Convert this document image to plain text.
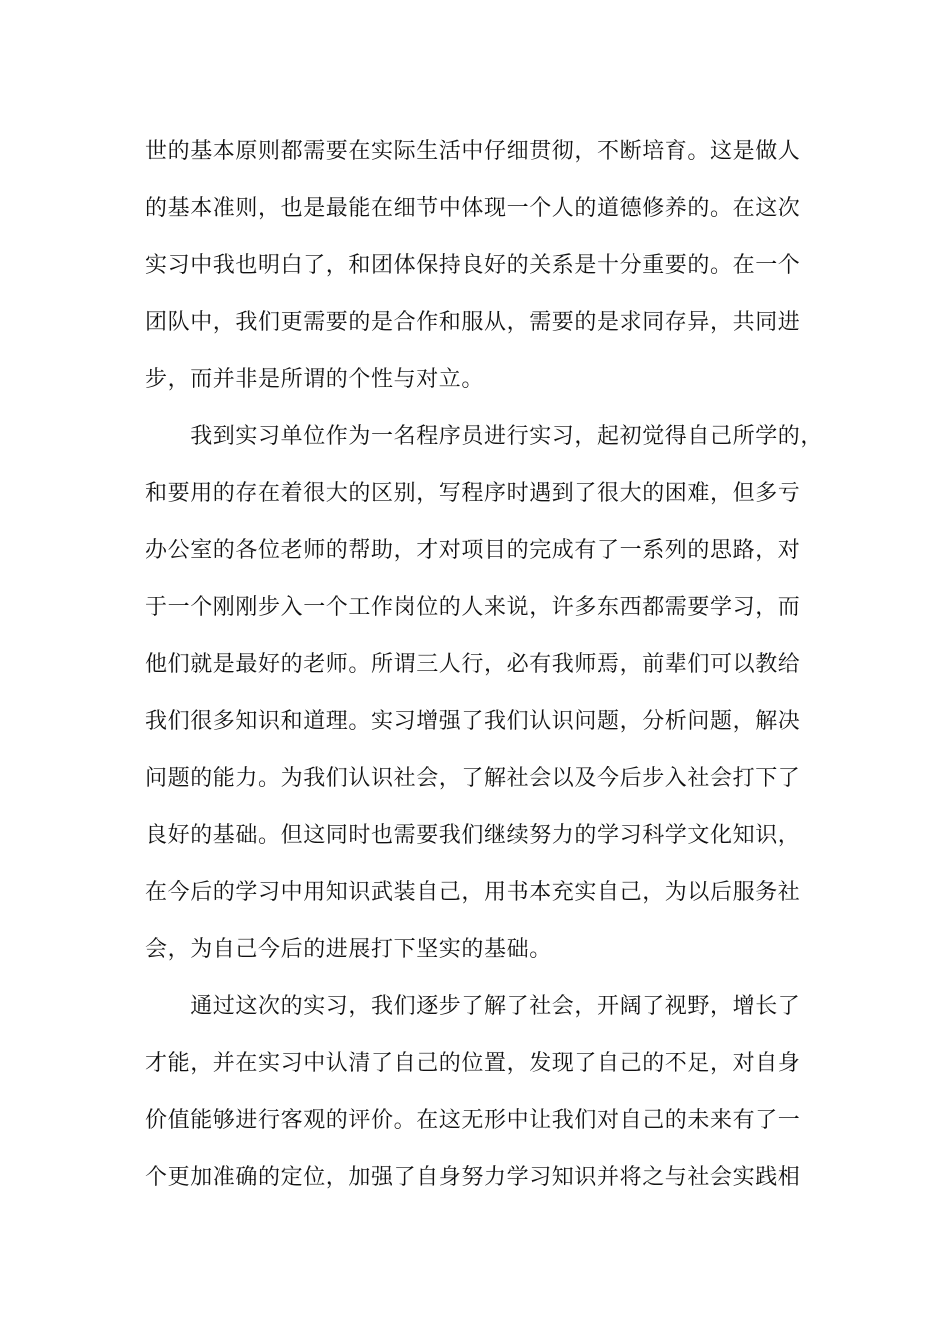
世的基本原则都需要在实际生活中仔细贯彻，不断培育。这是做人
的基本准则，也是最能在细节中体现一个人的道德修养的。在这次
实习中我也明白了，和团体保持良好的关系是十分重要的。在一个
团队中，我们更需要的是合作和服从，需要的是求同存异，共同进
步，而并非是所谓的个性与对立。
　　我到实习单位作为一名程序员进行实习，起初觉得自己所学的，
和要用的存在着很大的区别，写程序时遇到了很大的困难，但多亏
办公室的各位老师的帮助，才对项目的完成有了一系列的思路，对
于一个刚刚步入一个工作岗位的人来说，许多东西都需要学习，而
他们就是最好的老师。所谓三人行，必有我师焉，前辈们可以教给
我们很多知识和道理。实习增强了我们认识问题，分析问题，解决
问题的能力。为我们认识社会，了解社会以及今后步入社会打下了
良好的基础。但这同时也需要我们继续努力的学习科学文化知识，
在今后的学习中用知识武装自己，用书本充实自己，为以后服务社
会，为自己今后的进展打下坚实的基础。
　　通过这次的实习，我们逐步了解了社会，开阔了视野，增长了
才能，并在实习中认清了自己的位置，发现了自己的不足，对自身
价值能够进行客观的评价。在这无形中让我们对自己的未来有了一
个更加准确的定位，加强了自身努力学习知识并将之与社会实践相
